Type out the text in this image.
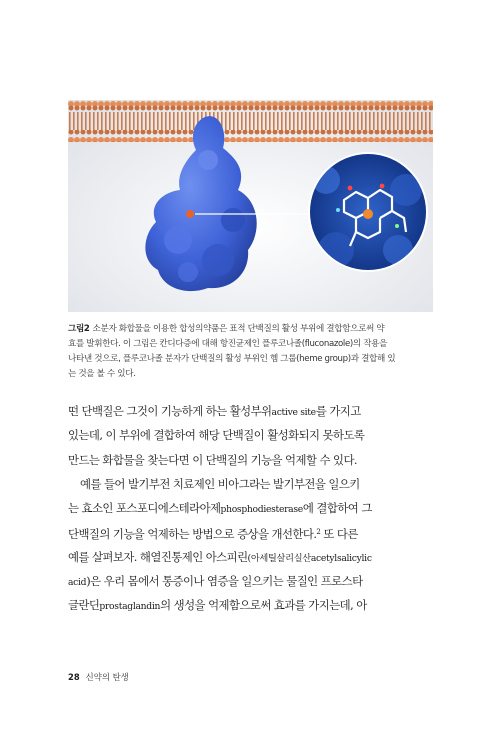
그림2 소분자 화합물을 이용한 합성의약품은 표적 단백질의 활성 부위에 결합함으로써 약
효를 발휘한다. 이 그림은 칸디다증에 대해 항진균제인 플루코나졸(fluconazole)의 작용을
나타낸 것으로, 플루코나졸 분자가 단백질의 활성 부위인 헴 그룹(heme group)과 결합해 있
는 것을 볼 수 있다.
떤 단백질은 그것이 기능하게 하는 활성부위active site를 가지고
있는데, 이 부위에 결합하여 해당 단백질이 활성화되지 못하도록
만드는 화합물을 찾는다면 이 단백질의 기능을 억제할 수 있다.
예를 들어 발기부전 치료제인 비아그라는 발기부전을 일으키
는 효소인 포스포디에스테라아제phosphodiesterase에 결합하여 그
단백질의 기능을 억제하는 방법으로 증상을 개선한다.$^2$ 또 다른
예를 살펴보자. 해열진통제인 아스피린(아세틸살리실산acetylsalicylic
acid)은 우리 몸에서 통증이나 염증을 일으키는 물질인 프로스타
글란딘prostaglandin의 생성을 억제함으로써 효과를 가지는데, 아
28 신약의 탄생
